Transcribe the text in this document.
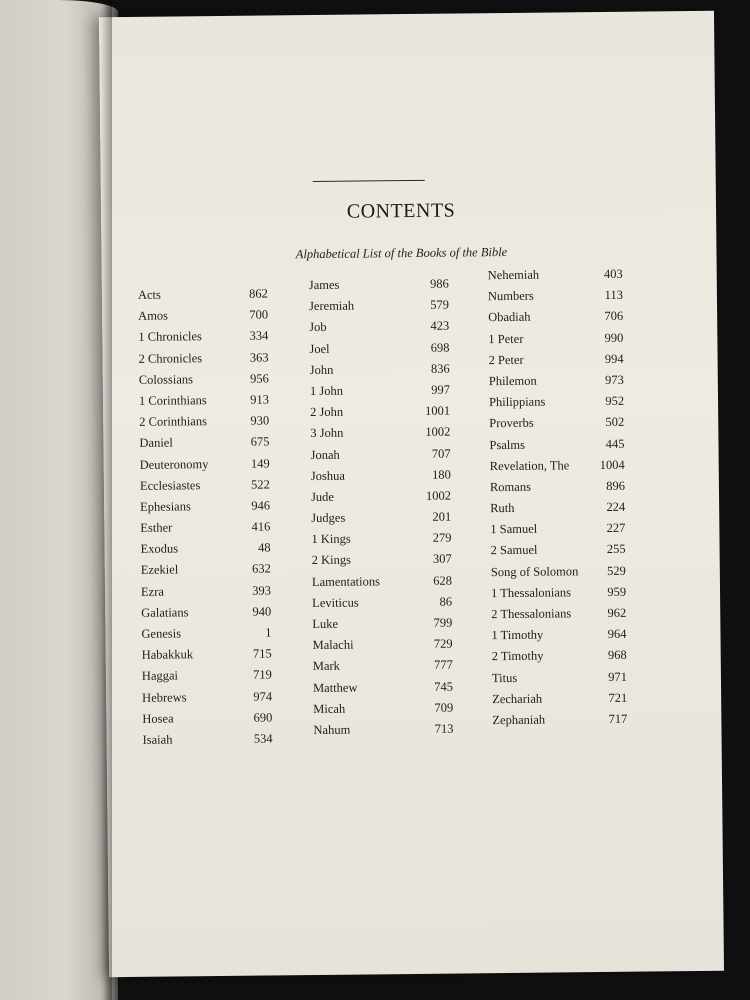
CONTENTS
Alphabetical List of the Books of the Bible
Acts	862
Amos	700
1 Chronicles	334
2 Chronicles	363
Colossians	956
1 Corinthians	913
2 Corinthians	930
Daniel	675
Deuteronomy	149
Ecclesiastes	522
Ephesians	946
Esther	416
Exodus	48
Ezekiel	632
Ezra	393
Galatians	940
Genesis	1
Habakkuk	715
Haggai	719
Hebrews	974
Hosea	690
Isaiah	534
James	986
Jeremiah	579
Job	423
Joel	698
John	836
1 John	997
2 John	1001
3 John	1002
Jonah	707
Joshua	180
Jude	1002
Judges	201
1 Kings	279
2 Kings	307
Lamentations	628
Leviticus	86
Luke	799
Malachi	729
Mark	777
Matthew	745
Micah	709
Nahum	713
Nehemiah	403
Numbers	113
Obadiah	706
1 Peter	990
2 Peter	994
Philemon	973
Philippians	952
Proverbs	502
Psalms	445
Revelation, The	1004
Romans	896
Ruth	224
1 Samuel	227
2 Samuel	255
Song of Solomon	529
1 Thessalonians	959
2 Thessalonians	962
1 Timothy	964
2 Timothy	968
Titus	971
Zechariah	721
Zephaniah	717
